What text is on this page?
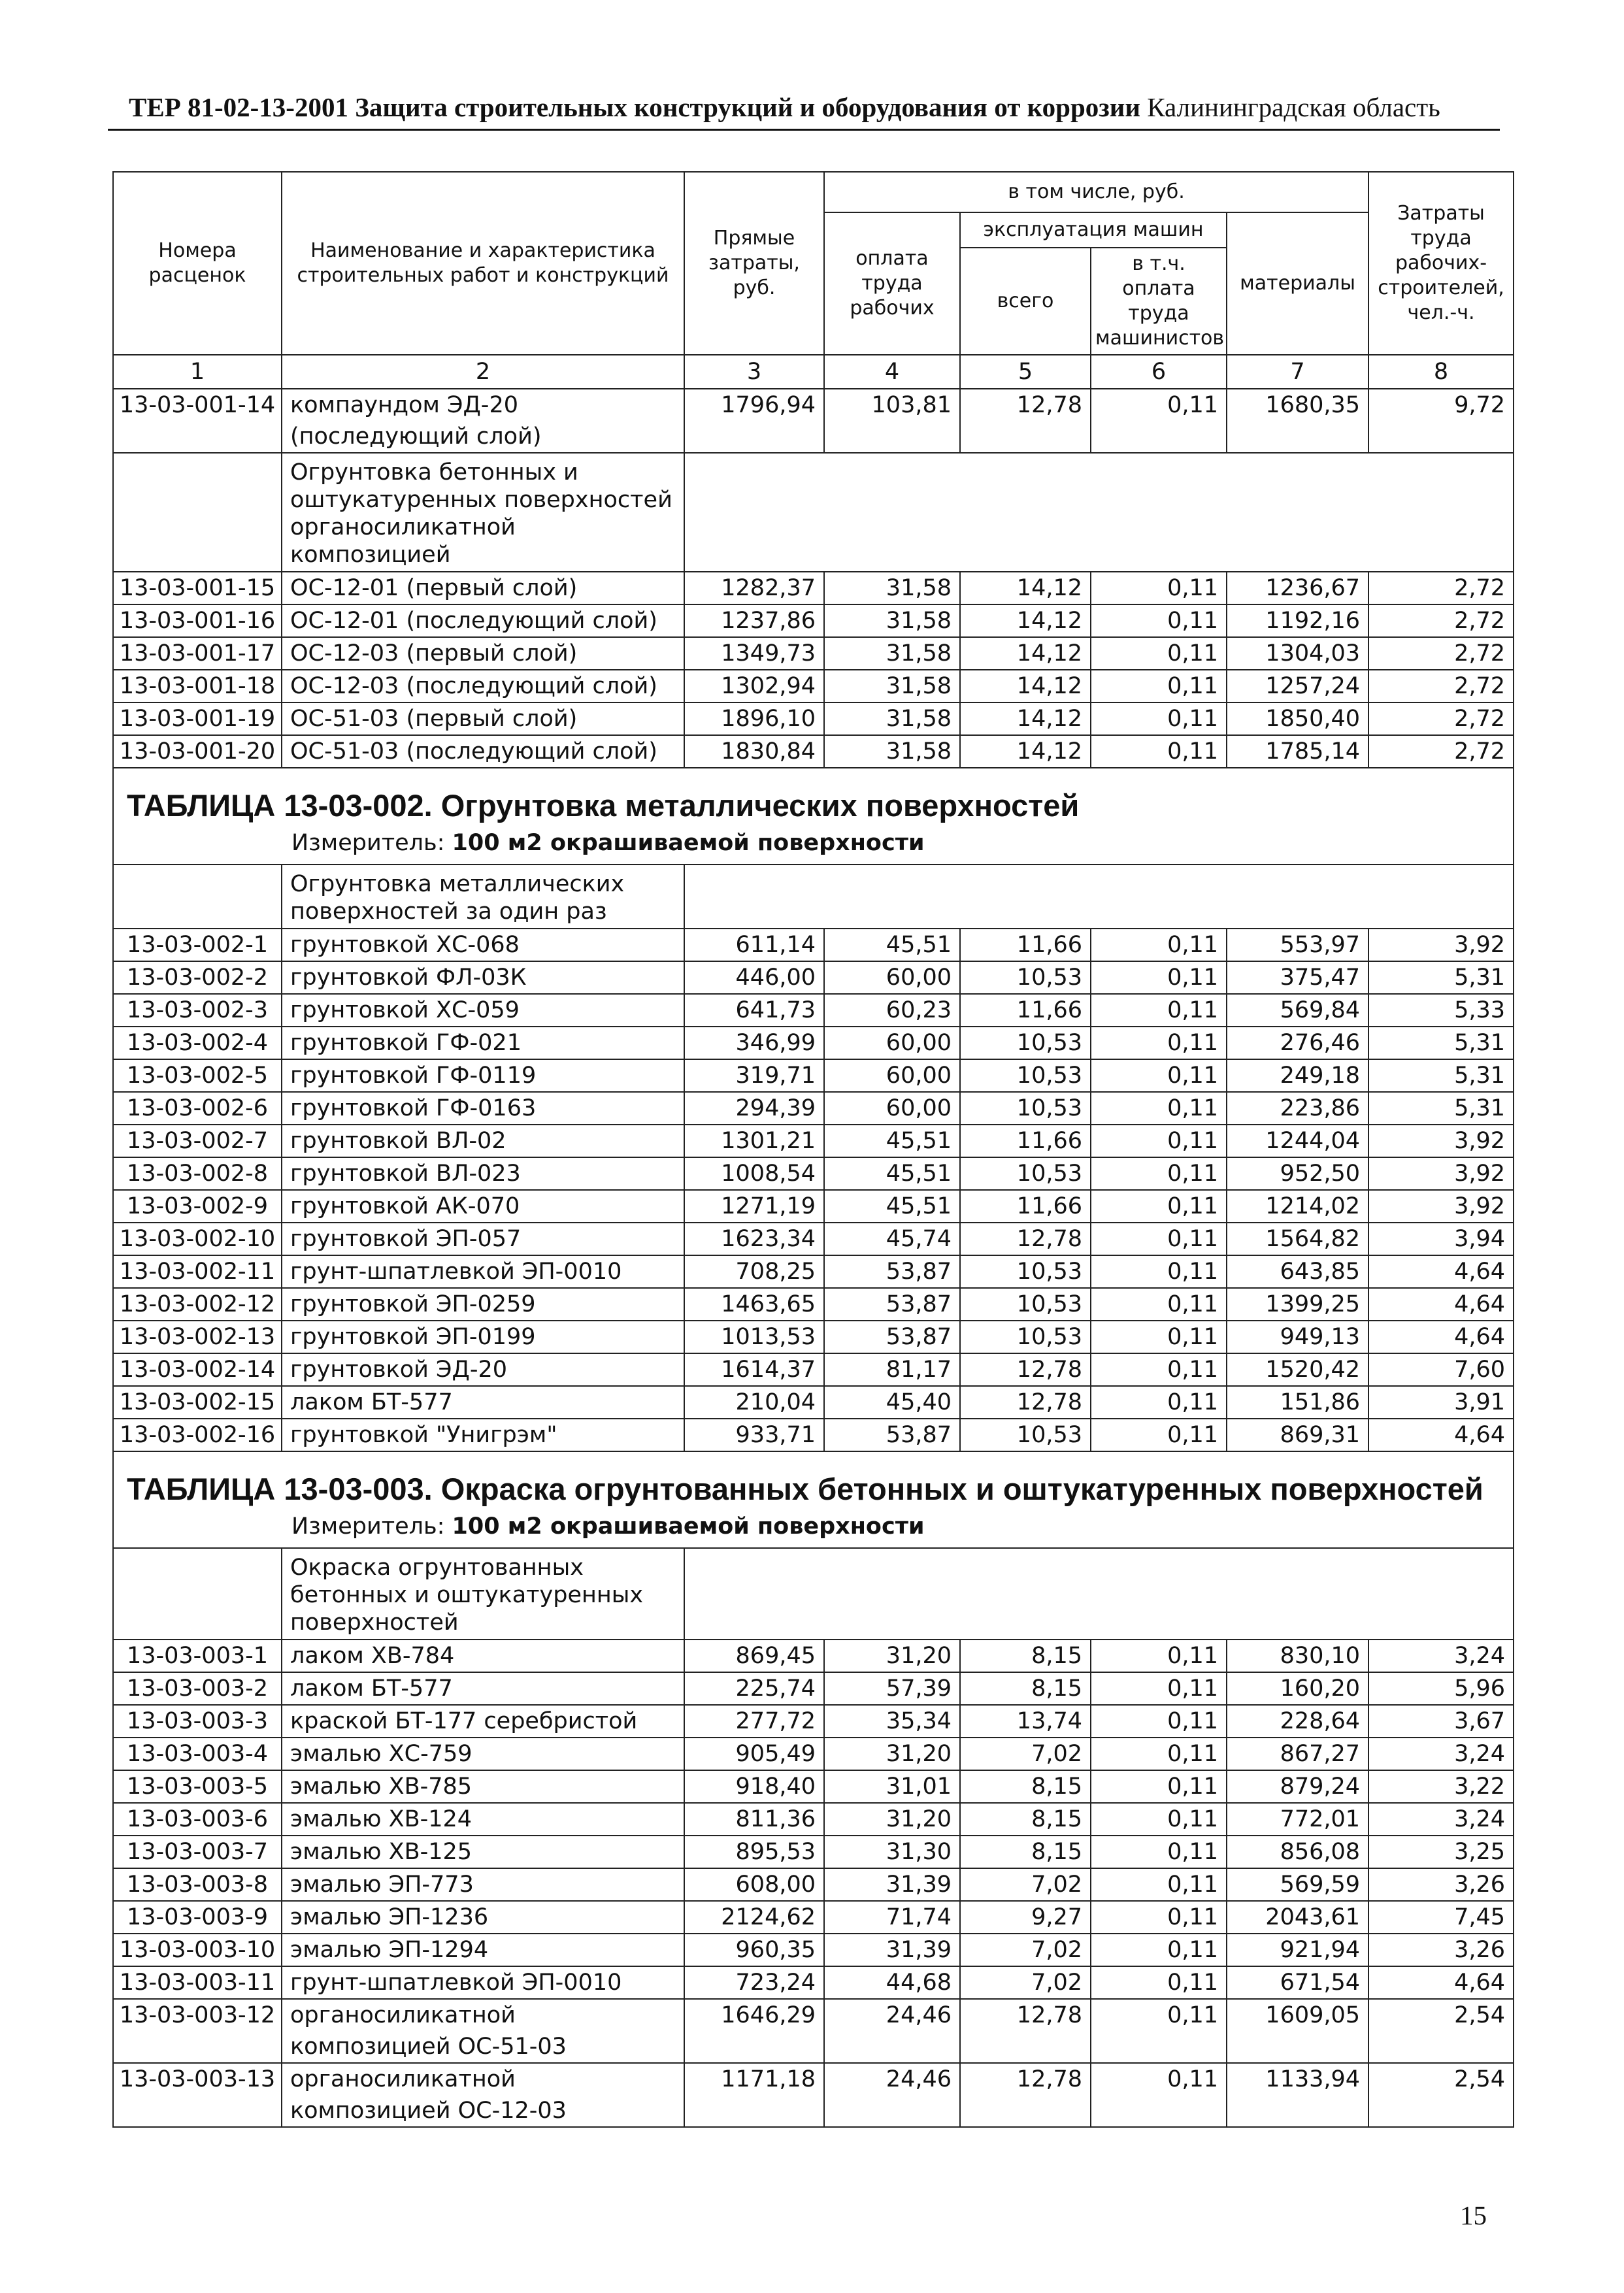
ТЕР 81-02-13-2001 Защита строительных конструкций и оборудования от коррозии Калининградская область
Номера расценок	Наименование и характеристика строительных работ и конструкций	Прямые затраты, руб.	в том числе, руб.				Затраты труда рабочих-строителей, чел.-ч.
			оплата труда рабочих	эксплуатация машин		материалы	
				всего	в т.ч. оплата труда машинистов		
1	2	3	4	5	6	7	8
13-03-001-14	компаундом ЭД-20 (последующий слой)	1796,94	103,81	12,78	0,11	1680,35	9,72
	Огрунтовка бетонных и оштукатуренных поверхностей органосиликатной композицией						
13-03-001-15	ОС-12-01 (первый слой)	1282,37	31,58	14,12	0,11	1236,67	2,72
13-03-001-16	ОС-12-01 (последующий слой)	1237,86	31,58	14,12	0,11	1192,16	2,72
13-03-001-17	ОС-12-03 (первый слой)	1349,73	31,58	14,12	0,11	1304,03	2,72
13-03-001-18	ОС-12-03 (последующий слой)	1302,94	31,58	14,12	0,11	1257,24	2,72
13-03-001-19	ОС-51-03 (первый слой)	1896,10	31,58	14,12	0,11	1850,40	2,72
13-03-001-20	ОС-51-03 (последующий слой)	1830,84	31,58	14,12	0,11	1785,14	2,72

ТАБЛИЦА 13-03-002. Огрунтовка металлических поверхностей
Измеритель: 100 м2 окрашиваемой поверхности							

	Огрунтовка металлических поверхностей за один раз						
13-03-002-1	грунтовкой ХС-068	611,14	45,51	11,66	0,11	553,97	3,92
13-03-002-2	грунтовкой ФЛ-03К	446,00	60,00	10,53	0,11	375,47	5,31
13-03-002-3	грунтовкой ХС-059	641,73	60,23	11,66	0,11	569,84	5,33
13-03-002-4	грунтовкой ГФ-021	346,99	60,00	10,53	0,11	276,46	5,31
13-03-002-5	грунтовкой ГФ-0119	319,71	60,00	10,53	0,11	249,18	5,31
13-03-002-6	грунтовкой ГФ-0163	294,39	60,00	10,53	0,11	223,86	5,31
13-03-002-7	грунтовкой ВЛ-02	1301,21	45,51	11,66	0,11	1244,04	3,92
13-03-002-8	грунтовкой ВЛ-023	1008,54	45,51	10,53	0,11	952,50	3,92
13-03-002-9	грунтовкой АК-070	1271,19	45,51	11,66	0,11	1214,02	3,92
13-03-002-10	грунтовкой ЭП-057	1623,34	45,74	12,78	0,11	1564,82	3,94
13-03-002-11	грунт-шпатлевкой ЭП-0010	708,25	53,87	10,53	0,11	643,85	4,64
13-03-002-12	грунтовкой ЭП-0259	1463,65	53,87	10,53	0,11	1399,25	4,64
13-03-002-13	грунтовкой ЭП-0199	1013,53	53,87	10,53	0,11	949,13	4,64
13-03-002-14	грунтовкой ЭД-20	1614,37	81,17	12,78	0,11	1520,42	7,60
13-03-002-15	лаком БТ-577	210,04	45,40	12,78	0,11	151,86	3,91
13-03-002-16	грунтовкой "Унигрэм"	933,71	53,87	10,53	0,11	869,31	4,64

ТАБЛИЦА 13-03-003. Окраска огрунтованных бетонных и оштукатуренных поверхностей
Измеритель: 100 м2 окрашиваемой поверхности							

	Окраска огрунтованных бетонных и оштукатуренных поверхностей						
13-03-003-1	лаком ХВ-784	869,45	31,20	8,15	0,11	830,10	3,24
13-03-003-2	лаком БТ-577	225,74	57,39	8,15	0,11	160,20	5,96
13-03-003-3	краской БТ-177 серебристой	277,72	35,34	13,74	0,11	228,64	3,67
13-03-003-4	эмалью ХС-759	905,49	31,20	7,02	0,11	867,27	3,24
13-03-003-5	эмалью ХВ-785	918,40	31,01	8,15	0,11	879,24	3,22
13-03-003-6	эмалью ХВ-124	811,36	31,20	8,15	0,11	772,01	3,24
13-03-003-7	эмалью ХВ-125	895,53	31,30	8,15	0,11	856,08	3,25
13-03-003-8	эмалью ЭП-773	608,00	31,39	7,02	0,11	569,59	3,26
13-03-003-9	эмалью ЭП-1236	2124,62	71,74	9,27	0,11	2043,61	7,45
13-03-003-10	эмалью ЭП-1294	960,35	31,39	7,02	0,11	921,94	3,26
13-03-003-11	грунт-шпатлевкой ЭП-0010	723,24	44,68	7,02	0,11	671,54	4,64
13-03-003-12	органосиликатной композицией ОС-51-03	1646,29	24,46	12,78	0,11	1609,05	2,54
13-03-003-13	органосиликатной композицией ОС-12-03	1171,18	24,46	12,78	0,11	1133,94	2,54
15
